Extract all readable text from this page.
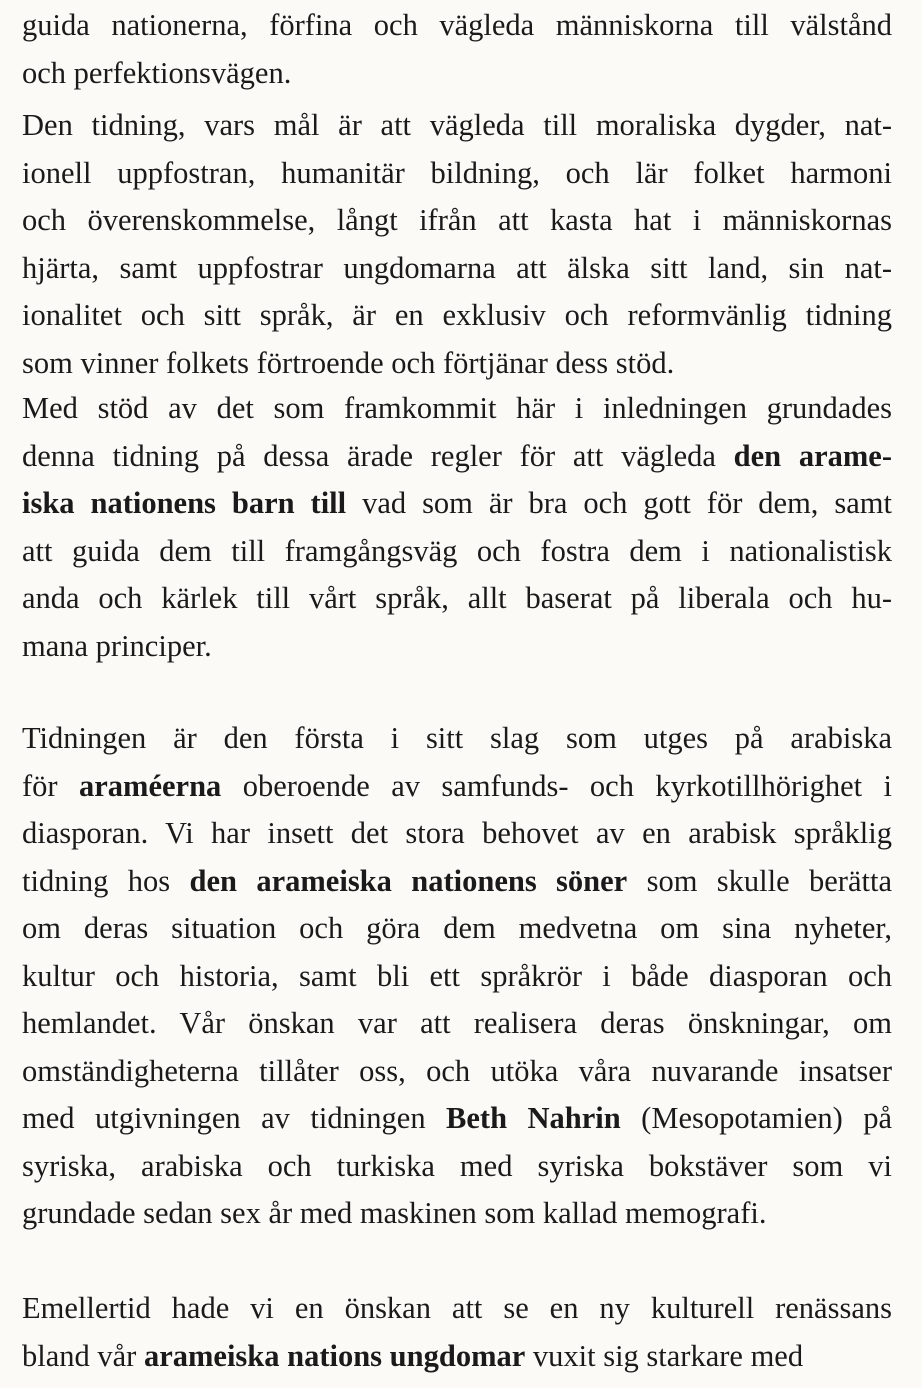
guida nationerna, förfina och vägleda människorna till välstånd
och perfektionsvägen.
Den tidning, vars mål är att vägleda till moraliska dygder, nat-
ionell uppfostran, humanitär bildning, och lär folket harmoni
och överenskommelse, långt ifrån att kasta hat i människornas
hjärta, samt uppfostrar ungdomarna att älska sitt land, sin nat-
ionalitet och sitt språk, är en exklusiv och reformvänlig tidning
som vinner folkets förtroende och förtjänar dess stöd.
Med stöd av det som framkommit här i inledningen grundades
denna tidning på dessa ärade regler för att vägleda den arame-
iska nationens barn till vad som är bra och gott för dem, samt
att guida dem till framgångsväg och fostra dem i nationalistisk
anda och kärlek till vårt språk, allt baserat på liberala och hu-
mana principer.
Tidningen är den första i sitt slag som utges på arabiska
för araméerna oberoende av samfunds- och kyrkotillhörighet i
diasporan. Vi har insett det stora behovet av en arabisk språklig
tidning hos den arameiska nationens söner som skulle berätta
om deras situation och göra dem medvetna om sina nyheter,
kultur och historia, samt bli ett språkrör i både diasporan och
hemlandet. Vår önskan var att realisera deras önskningar, om
omständigheterna tillåter oss, och utöka våra nuvarande insatser
med utgivningen av tidningen Beth Nahrin (Mesopotamien) på
syriska, arabiska och turkiska med syriska bokstäver som vi
grundade sedan sex år med maskinen som kallad memografi.
Emellertid hade vi en önskan att se en ny kulturell renässans
bland vår arameiska nations ungdomar vuxit sig starkare med
